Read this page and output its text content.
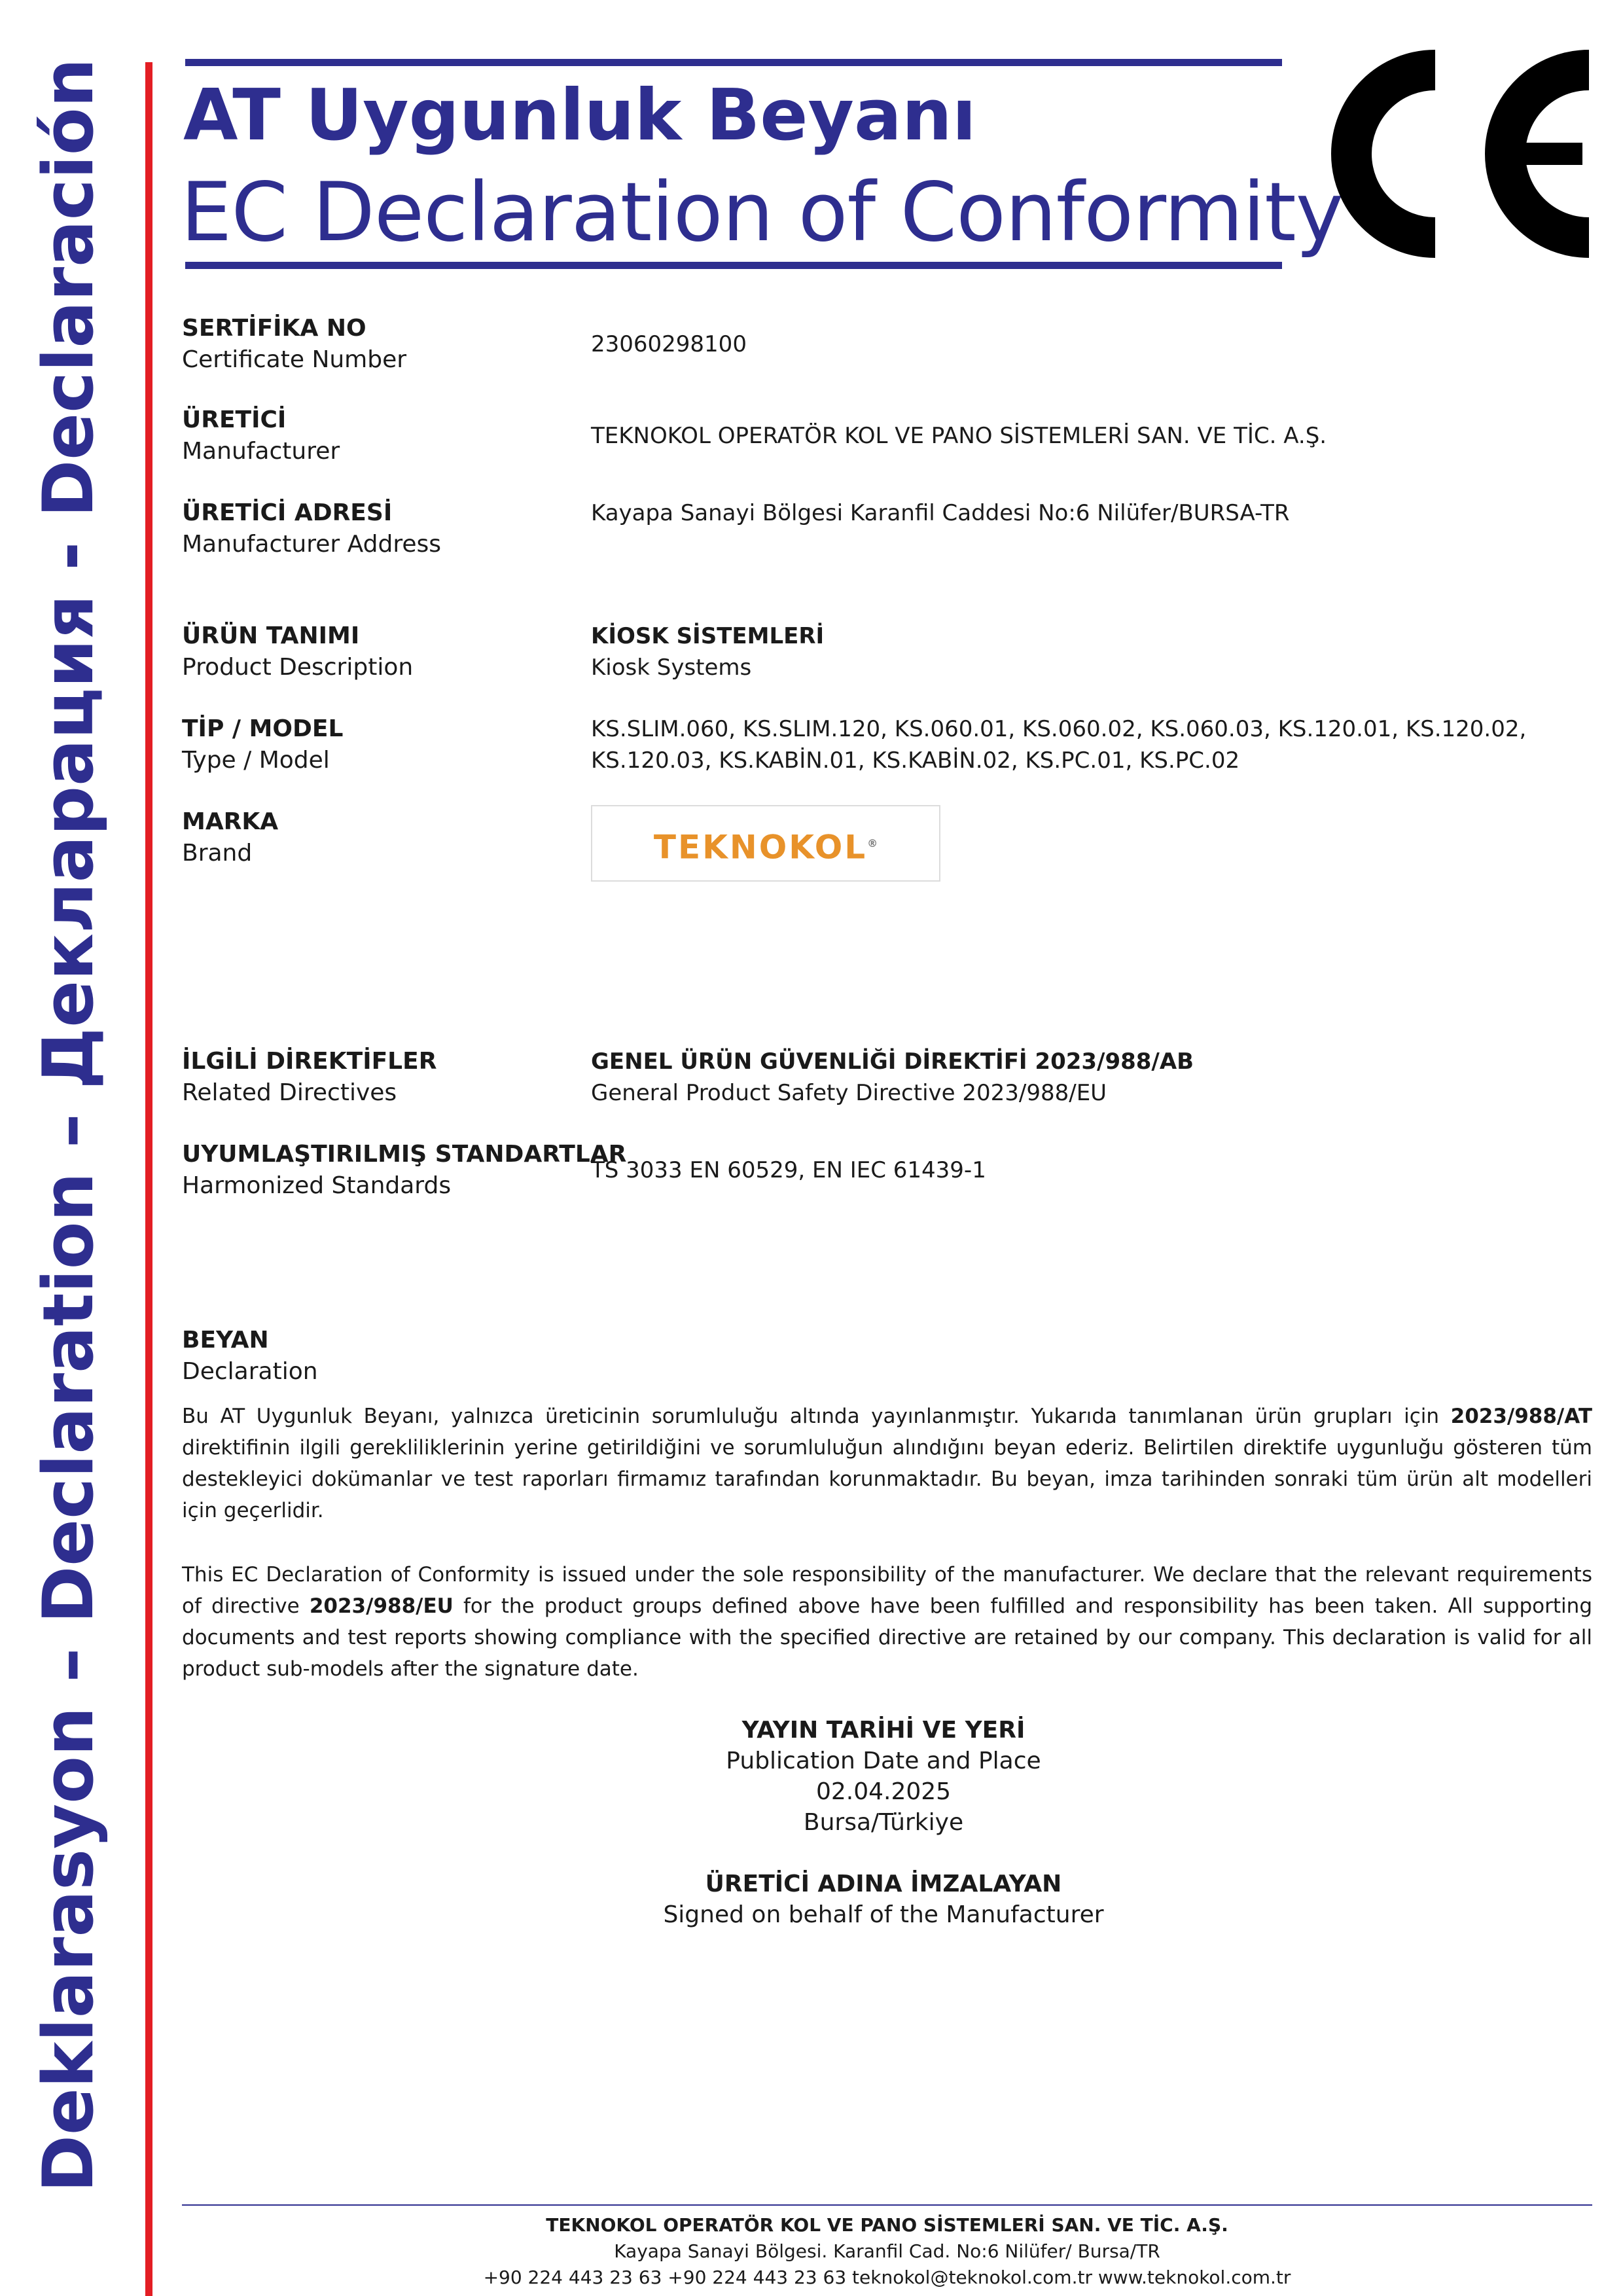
Deklarasyon – Declaration – Декларация - Declaración AT Uygunluk Beyanı
EC Declaration of Conformity
SERTİFİKA NO
Certificate Number
23060298100
ÜRETİCİ
Manufacturer
TEKNOKOL OPERATÖR KOL VE PANO SİSTEMLERİ SAN. VE TİC. A.Ş.
ÜRETİCİ ADRESİ
Manufacturer Address
Kayapa Sanayi Bölgesi Karanfil Caddesi No:6 Nilüfer/BURSA-TR
ÜRÜN TANIMI
Product Description
KİOSK SİSTEMLERİ
Kiosk Systems
TİP / MODEL
Type / Model
KS.SLIM.060, KS.SLIM.120, KS.060.01, KS.060.02, KS.060.03, KS.120.01, KS.120.02,
KS.120.03, KS.KABİN.01, KS.KABİN.02, KS.PC.01, KS.PC.02
MARKA
Brand	TEKNOKOL®
İLGİLİ DİREKTİFLER
Related Directives
GENEL ÜRÜN GÜVENLİĞİ DİREKTİFİ 2023/988/AB
General Product Safety Directive 2023/988/EU
UYUMLAŞTIRILMIŞ STANDARTLAR
Harmonized Standards
TS 3033 EN 60529, EN IEC 61439-1
BEYAN
Declaration
Bu AT Uygunluk Beyanı, yalnızca üreticinin sorumluluğu altında yayınlanmıştır. Yukarıda tanımlanan ürün grupları için 2023/988/AT direktifinin ilgili gerekliliklerinin yerine getirildiğini ve sorumluluğun alındığını beyan ederiz. Belirtilen direktife uygunluğu gösteren tüm destekleyici dokümanlar ve test raporları firmamız tarafından korunmaktadır. Bu beyan, imza tarihinden sonraki tüm ürün alt modelleri için geçerlidir.
This EC Declaration of Conformity is issued under the sole responsibility of the manufacturer. We declare that the relevant requirements of directive 2023/988/EU for the product groups defined above have been fulfilled and responsibility has been taken. All supporting documents and test reports showing compliance with the specified directive are retained by our company. This declaration is valid for all product sub-models after the signature date.
YAYIN TARİHİ VE YERİ
Publication Date and Place
02.04.2025
Bursa/Türkiye
ÜRETİCİ ADINA İMZALAYAN
Signed on behalf of the Manufacturer
TEKNOKOL OPERATÖR KOL VE PANO SİSTEMLERİ SAN. VE TİC. A.Ş.
Kayapa Sanayi Bölgesi. Karanfil Cad. No:6 Nilüfer/ Bursa/TR
+90 224 443 23 63 +90 224 443 23 63 teknokol@teknokol.com.tr www.teknokol.com.tr
